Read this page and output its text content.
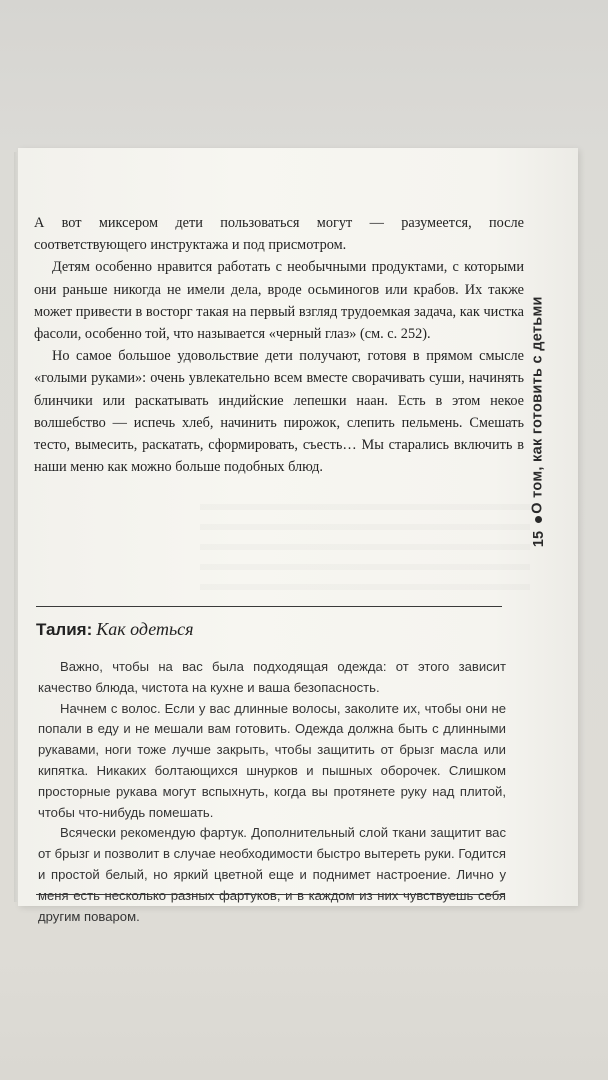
А вот миксером дети пользоваться могут — разумеется, после соответствующего инструктажа и под присмотром.

Детям особенно нравится работать с необычными продуктами, с которыми они раньше никогда не имели дела, вроде осьминогов или крабов. Их также может привести в восторг такая на первый взгляд трудоемкая задача, как чистка фасоли, особенно той, что называется «черный глаз» (см. с. 252).

Но самое большое удовольствие дети получают, готовя в прямом смысле «голыми руками»: очень увлекательно всем вместе сворачивать суши, начинять блинчики или раскатывать индийские лепешки наан. Есть в этом некое волшебство — испечь хлеб, начинить пирожок, слепить пельмень. Смешать тесто, вымесить, раскатать, сформировать, съесть… Мы старались включить в наши меню как можно больше подобных блюд.	О том, как готовить с детьми
15
Талия: Как одеться

Важно, чтобы на вас была подходящая одежда: от этого зависит качество блюда, чистота на кухне и ваша безопасность.

Начнем с волос. Если у вас длинные волосы, заколите их, чтобы они не попали в еду и не мешали вам готовить. Одежда должна быть с длинными рукавами, ноги тоже лучше закрыть, чтобы защитить от брызг масла или кипятка. Никаких болтающихся шнурков и пышных оборочек. Слишком просторные рукава могут вспыхнуть, когда вы протянете руку над плитой, чтобы что-нибудь помешать.

Всячески рекомендую фартук. Дополнительный слой ткани защитит вас от брызг и позволит в случае необходимости быстро вытереть руки. Годится и простой белый, но яркий цветной еще и поднимет настроение. Лично у меня есть несколько разных фартуков, и в каждом из них чувствуешь себя другим поваром.
